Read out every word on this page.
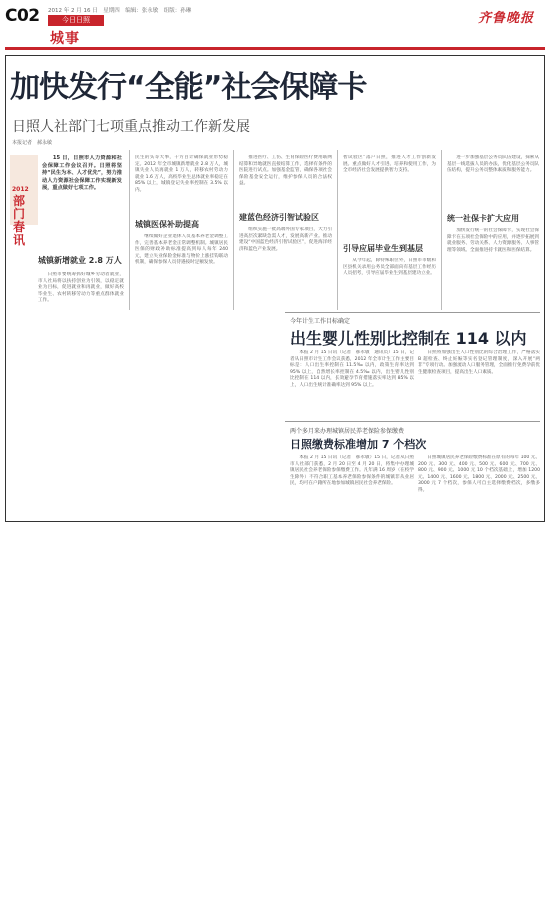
C02 2012 年 2 月 16 日　星期四　编辑：张永敏　组版：孙琳
今日日照
城事
齐鲁晚报
加快发行“全能”社会保障卡
日照人社部门七项重点推动工作新发展
本报记者　郝永敏
2012
部门春讯
　　15 日，日照市人力资源和社会保障工作会议召开。日照将坚持“民生为本、人才优先”，努力推动人力资源社会保障工作实现新发展，重点做好七项工作。
城镇新增就业 2.8 万人
　　日照市要统筹抓好城乡劳动者就业，市人社局将以扶持创业为引领，以稳定就业为目标，促进就业和再就业，做好高校毕业生、农村转移劳动力等重点群体就业工作。
民生的头等大事，千方百计确保就业形势稳定。2012 年全市城镇新增就业 2.8 万人，城镇失业人员再就业 1 万人，转移农村劳动力就业 1.6 万人，高校毕业生总体就业率稳定在 85% 以上，城镇登记失业率控制在 3.5% 以内。
城镇医保补助提高
　　继续做好企业退休人员基本养老金调整工作，完善基本养老金正常调整机制。城镇居民医保的财政补助标准提高到每人每年 240 元，建立失业保险金标准与物价上涨挂钩联动机制，确保参保人员待遇按时足额发放。
　　推进医疗、工伤、生育保险医疗费用联网结算和异地就医直接结算工作，选择有条件的医院进行试点。加强基金监管，确保各项社会保险基金安全运行，维护参保人员的合法权益。
建蓝色经济引智试验区
　　组织实施一批高端外国专家项目，大力引进高层次紧缺急需人才，发展高新产业。推动建设“中国蓝色经济引智试验区”，促进海洋经济和蓝色产业发展。
智试验区”落户日照，推进人才工作创新发展。重点做好人才引进、培养和使用工作，为全市经济社会发展提供智力支持。
引导应届毕业生到基层
　　从今年起，除特殊职位外，日照市市级和区县机关录用公务员全部面向有基层工作经历人员招考，引导应届毕业生到基层建功立业。
　　进一步加强基层公务员队伍建设，探索从基层一线选拔人员的办法，优化基层公务员队伍结构，提升公务员整体素质和服务能力。
统一社保卡扩大应用
　　加快发行统一的社会保障卡，实现社会保障卡在五项社会保险中的应用，并逐步拓展到就业服务、劳动关系、人力资源服务、人事管理等领域。全面推进持卡就医和医保结算。
今年计生工作目标确定
出生婴儿性别比控制在 114 以内
　　本报 2 月 15 日讯（记者　郝永敏　通讯员）15 日，记者从日照市计生工作会议获悉，2012 年全市计生工作主要目标是：人口出生率控制在 11.5‰ 以内，政策生育率达到 95% 以上，自然增长率控制在 4.5‰ 以内，出生婴儿性别比控制在 114 以内，长效避孕节育措施落实率达到 85% 以上，人口出生统计准确率达到 95% 以上。
　　日照将加强出生人口性别比的综合治理工作，严格落实 B 超检查、终止妊娠等实名登记管理制度，深入开展“两非”专项行动。加强流动人口服务管理，全面推行免费孕前优生健康检查项目，提高出生人口素质。
两个多月来办理城镇居民养老保险参保缴费
日照缴费标准增加 7 个档次
　　本报 2 月 15 日讯（记者　郝永敏）15 日，记者从日照市人社部门获悉，2 月 20 日至 4 月 20 日，将集中办理城镇居民社会养老保险参保缴费工作。凡年满 16 周岁（在校学生除外）不符合职工基本养老保险参保条件的城镇非从业居民，均可在户籍所在地参加城镇居民社会养老保险。
　　日照城镇居民养老保险缴费标准在原有的每年 100 元、200 元、300 元、400 元、500 元、600 元、700 元、800 元、900 元、1000 元 10 个档次基础上，增加 1200 元、1400 元、1600 元、1800 元、2000 元、2500 元、3000 元 7 个档次，参保人可自主选择缴费档次，多缴多得。
